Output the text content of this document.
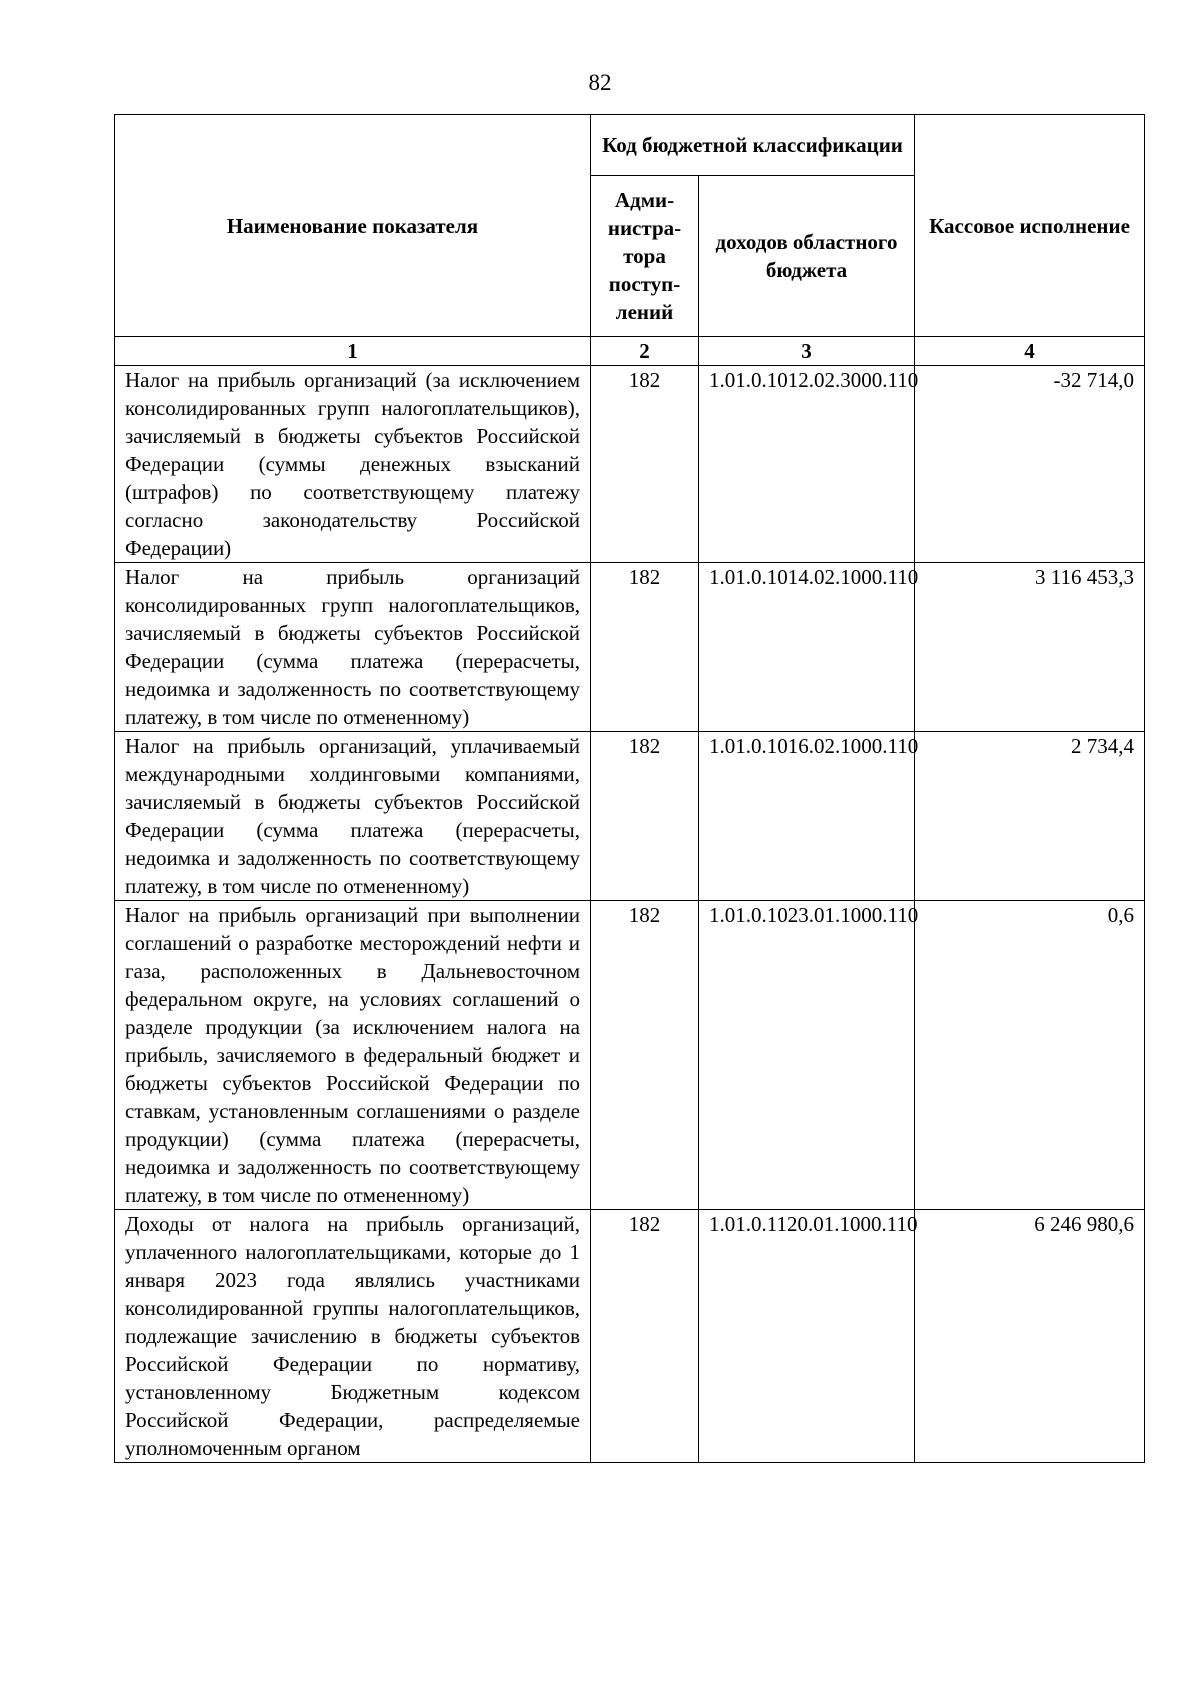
82
Наименование показателя	Код бюджетной классификации		Кассовое исполнение
	Адми-нистра-тора поступ-лений	доходов областного бюджета	
1	2	3	4
Налог на прибыль организаций (за исключением консолидированных групп налогоплательщиков), зачисляемый в бюджеты субъектов Российской Федерации (суммы денежных взысканий (штрафов) по соответствующему платежу согласно законодательству Российской Федерации)	182	1.01.0.1012.02.3000.110	-32 714,0
Налог на прибыль организаций консолидированных групп налогоплательщиков, зачисляемый в бюджеты субъектов Российской Федерации (сумма платежа (перерасчеты, недоимка и задолженность по соответствующему платежу, в том числе по отмененному)	182	1.01.0.1014.02.1000.110	3 116 453,3
Налог на прибыль организаций, уплачиваемый международными холдинговыми компаниями, зачисляемый в бюджеты субъектов Российской Федерации (сумма платежа (перерасчеты, недоимка и задолженность по соответствующему платежу, в том числе по отмененному)	182	1.01.0.1016.02.1000.110	2 734,4
Налог на прибыль организаций при выполнении соглашений о разработке месторождений нефти и газа, расположенных в Дальневосточном федеральном округе, на условиях соглашений о разделе продукции (за исключением налога на прибыль, зачисляемого в федеральный бюджет и бюджеты субъектов Российской Федерации по ставкам, установленным соглашениями о разделе продукции) (сумма платежа (перерасчеты, недоимка и задолженность по соответствующему платежу, в том числе по отмененному)	182	1.01.0.1023.01.1000.110	0,6
Доходы от налога на прибыль организаций, уплаченного налогоплательщиками, которые до 1 января 2023 года являлись участниками консолидированной группы налогоплательщиков, подлежащие зачислению в бюджеты субъектов Российской Федерации по нормативу, установленному Бюджетным кодексом Российской Федерации, распределяемые уполномоченным органом	182	1.01.0.1120.01.1000.110	6 246 980,6
